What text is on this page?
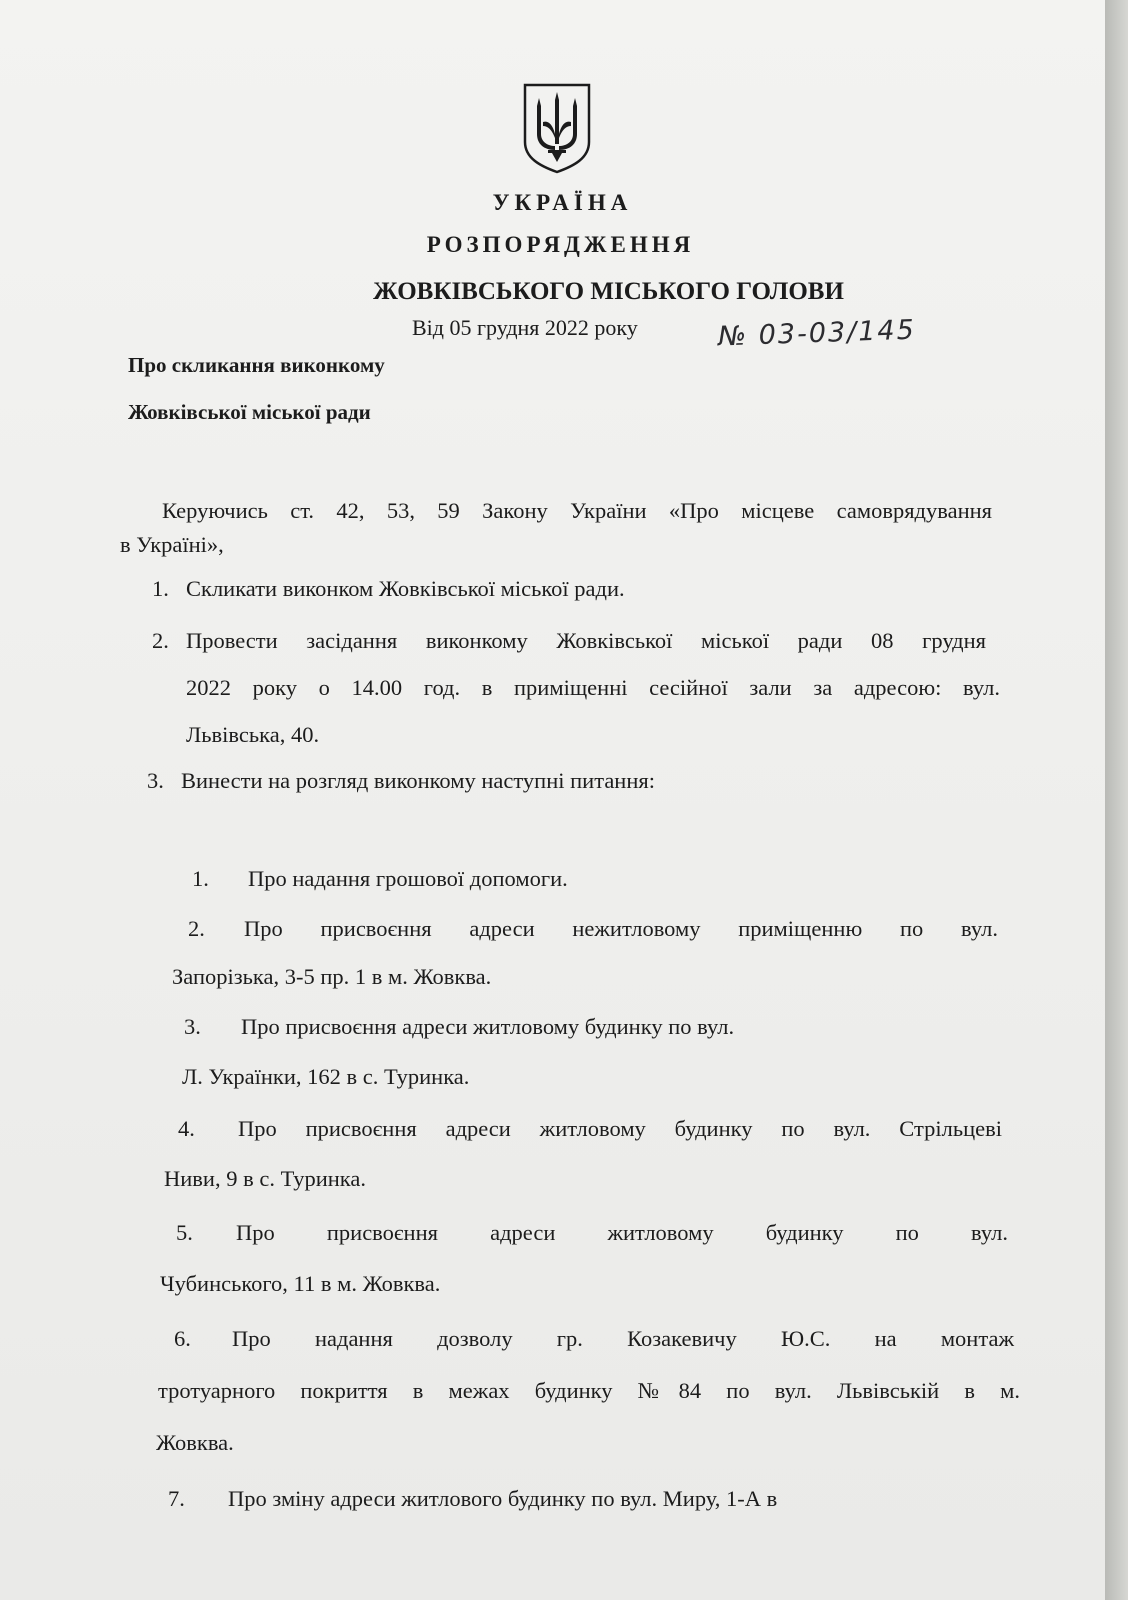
УКРАЇНА
РОЗПОРЯДЖЕННЯ
ЖОВКІВСЬКОГО МІСЬКОГО ГОЛОВИ
Від 05 грудня 2022 року	№ 03-03/145
Про скликання виконкому
Жовківської міської ради
Керуючись ст. 42, 53, 59 Закону України «Про місцеве самоврядування
в Україні»,
1. Скликати виконком Жовківської міської ради.
2. Провести засідання виконкому Жовківської міської ради 08 грудня
2022 року о 14.00 год. в приміщенні сесійної зали за адресою: вул.
Львівська, 40.
3. Винести на розгляд виконкому наступні питання:
1. Про надання грошової допомоги.
2. Про присвоєння адреси нежитловому приміщенню по вул.
Запорізька, 3-5 пр. 1 в м. Жовква.
3. Про присвоєння адреси житловому будинку по вул.
Л. Українки, 162 в с. Туринка.
4. Про присвоєння адреси житловому будинку по вул. Стрільцеві
Ниви, 9 в с. Туринка.
5. Про присвоєння адреси житловому будинку по вул.
Чубинського, 11 в м. Жовква.
6. Про надання дозволу гр. Козакевичу Ю.С. на монтаж
тротуарного покриття в межах будинку №84 по вул. Львівській в м.
Жовква.
7. Про зміну адреси житлового будинку по вул. Миру, 1-А в
